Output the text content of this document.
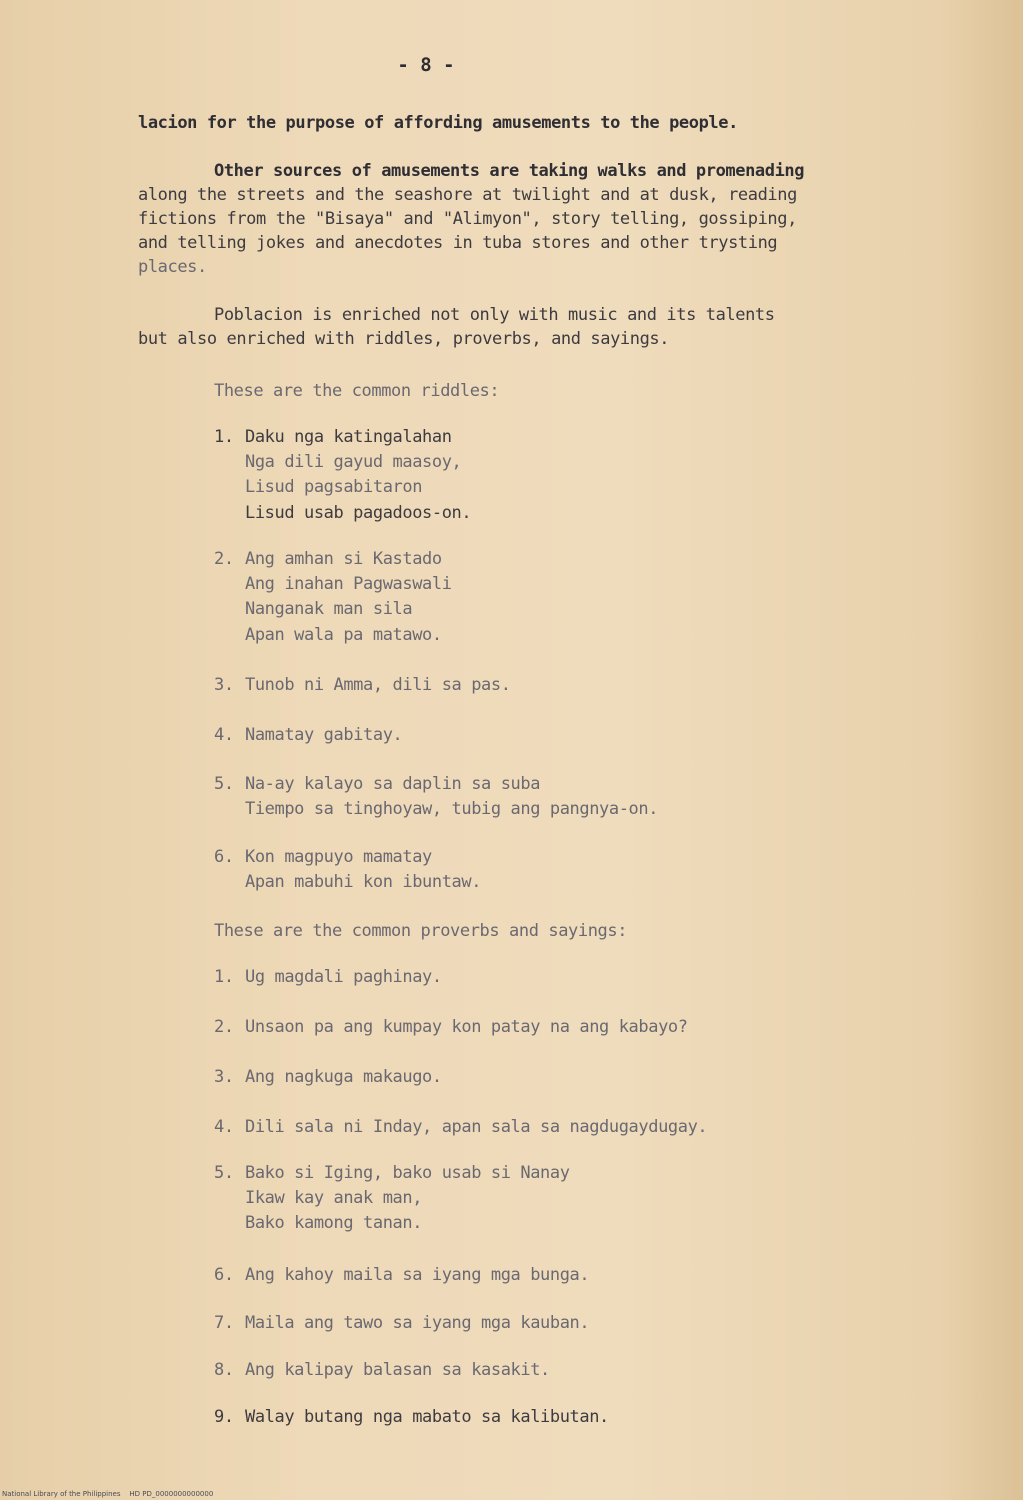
- 8 -
lacion for the purpose of affording amusements to the people.
Other sources of amusements are taking walks and promenading
along the streets and the seashore at twilight and at dusk, reading
fictions from the "Bisaya" and "Alimyon", story telling, gossiping,
and telling jokes and anecdotes in tuba stores and other trysting
places.
Poblacion is enriched not only with music and its talents
but also enriched with riddles, proverbs, and sayings.
These are the common riddles:
1. Daku nga katingalahan
Nga dili gayud maasoy,
Lisud pagsabitaron
Lisud usab pagadoos-on.
2. Ang amhan si Kastado
Ang inahan Pagwaswali
Nanganak man sila
Apan wala pa matawo.
3. Tunob ni Amma, dili sa pas.
4. Namatay gabitay.
5. Na-ay kalayo sa daplin sa suba
Tiempo sa tinghoyaw, tubig ang pangnya-on.
6. Kon magpuyo mamatay
Apan mabuhi kon ibuntaw.
These are the common proverbs and sayings:
1. Ug magdali paghinay.
2. Unsaon pa ang kumpay kon patay na ang kabayo?
3. Ang nagkuga makaugo.
4. Dili sala ni Inday, apan sala sa nagdugaydugay.
5. Bako si Iging, bako usab si Nanay
Ikaw kay anak man,
Bako kamong tanan.
6. Ang kahoy maila sa iyang mga bunga.
7. Maila ang tawo sa iyang mga kauban.
8. Ang kalipay balasan sa kasakit.
9. Walay butang nga mabato sa kalibutan.
National Library of the Philippines    HD PD_0000000000000
